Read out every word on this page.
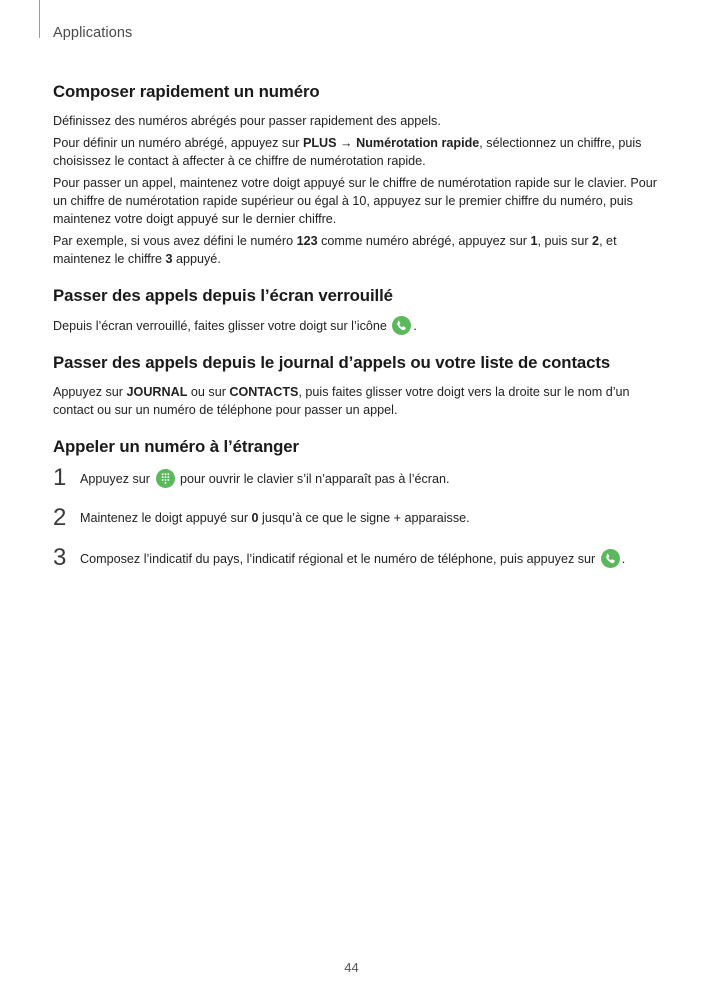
Applications
Composer rapidement un numéro

Définissez des numéros abrégés pour passer rapidement des appels.

Pour définir un numéro abrégé, appuyez sur PLUS → Numérotation rapide, sélectionnez un chiffre, puis choisissez le contact à affecter à ce chiffre de numérotation rapide.

Pour passer un appel, maintenez votre doigt appuyé sur le chiffre de numérotation rapide sur le clavier. Pour un chiffre de numérotation rapide supérieur ou égal à 10, appuyez sur le premier chiffre du numéro, puis maintenez votre doigt appuyé sur le dernier chiffre.

Par exemple, si vous avez défini le numéro 123 comme numéro abrégé, appuyez sur 1, puis sur 2, et maintenez le chiffre 3 appuyé.

Passer des appels depuis l’écran verrouillé

Depuis l’écran verrouillé, faites glisser votre doigt sur l’icône
.

Passer des appels depuis le journal d’appels ou votre liste de contacts

Appuyez sur JOURNAL ou sur CONTACTS, puis faites glisser votre doigt vers la droite sur le nom d’un contact ou sur un numéro de téléphone pour passer un appel.

Appeler un numéro à l’étranger
1 Appuyez sur
pour ouvrir le clavier s’il n’apparaît pas à l’écran.

2 Maintenez le doigt appuyé sur 0 jusqu’à ce que le signe + apparaisse.

3 Composez l’indicatif du pays, l’indicatif régional et le numéro de téléphone, puis appuyez sur
.

44
